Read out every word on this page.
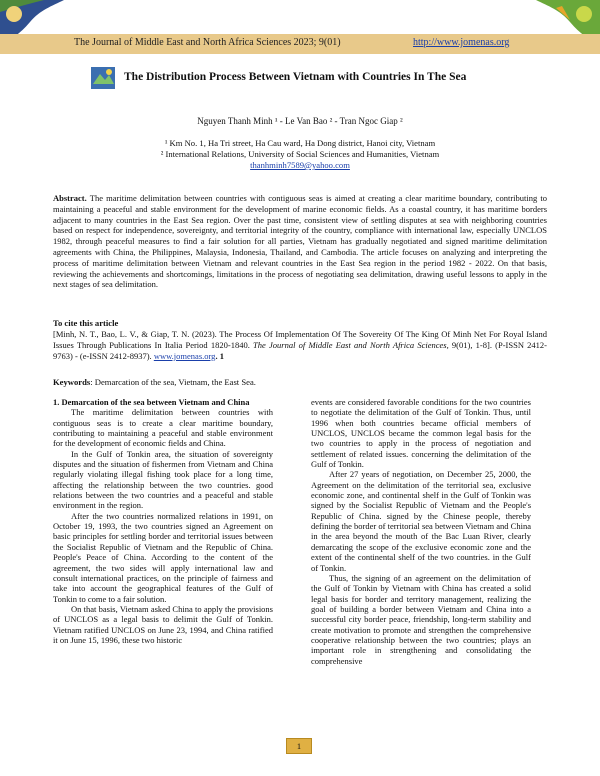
The Journal of Middle East and North Africa Sciences 2023; 9(01)	http://www.jomenas.org
The Distribution Process Between Vietnam with Countries In The Sea
Nguyen Thanh Minh ¹ - Le Van Bao ² - Tran Ngoc Giap ²
¹ Km No. 1, Ha Tri street, Ha Cau ward, Ha Dong district, Hanoi city, Vietnam
² International Relations, University of Social Sciences and Humanities, Vietnam
thanhminh7589@yahoo.com

Abstract. The maritime delimitation between countries with contiguous seas is aimed at creating a clear maritime boundary, contributing to maintaining a peaceful and stable environment for the development of marine economic fields. As a coastal country, it has maritime borders adjacent to many countries in the East Sea region. Over the past time, consistent view of settling disputes at sea with neighboring countries based on respect for independence, sovereignty, and territorial integrity of the country, compliance with international law, especially UNCLOS 1982, through peaceful measures to find a fair solution for all parties, Vietnam has gradually negotiated and signed maritime delimitation agreements with China, the Philippines, Malaysia, Indonesia, Thailand, and Cambodia. The article focuses on analyzing and interpreting the process of maritime delimitation between Vietnam and relevant countries in the East Sea region in the period 1982 - 2022. On that basis, reviewing the achievements and shortcomings, limitations in the process of negotiating sea delimitation, drawing useful lessons to apply in the next stages of sea delimitation.

To cite this article

[Minh, N. T., Bao, L. V., & Giap, T. N. (2023). The Process Of Implementation Of The Sovereity Of The King Of Minh Net For Royal Island Issues Through Publications In Italia Period 1820-1840. The Journal of Middle East and North Africa Sciences, 9(01), 1-8]. (P-ISSN 2412- 9763) - (e-ISSN 2412-8937). www.jomenas.org. 1

Keywords: Demarcation of the sea, Vietnam, the East Sea.

1. Demarcation of the sea between Vietnam and China

The maritime delimitation between countries with contiguous seas is to create a clear maritime boundary, contributing to maintaining a peaceful and stable environment for the development of economic fields and China.

In the Gulf of Tonkin area, the situation of sovereignty disputes and the situation of fishermen from Vietnam and China regularly violating illegal fishing took place for a long time, affecting the relationship between the two countries. good relations between the two countries and a peaceful and stable environment in the region.

After the two countries normalized relations in 1991, on October 19, 1993, the two countries signed an Agreement on basic principles for settling border and territorial issues between the Socialist Republic of Vietnam and the Republic of China. People's Peace of China. According to the content of the agreement, the two sides will apply international law and consult international practices, on the principle of fairness and take into account the geographical features of the Gulf of Tonkin to come to a fair solution.

On that basis, Vietnam asked China to apply the provisions of UNCLOS as a legal basis to delimit the Gulf of Tonkin. Vietnam ratified UNCLOS on June 23, 1994, and China ratified it on June 15, 1996, these two historic

events are considered favorable conditions for the two countries to negotiate the delimitation of the Gulf of Tonkin. Thus, until 1996 when both countries became official members of UNCLOS, UNCLOS became the common legal basis for the two countries to apply in the process of negotiation and settlement of related issues. concerning the delimitation of the Gulf of Tonkin.

After 27 years of negotiation, on December 25, 2000, the Agreement on the delimitation of the territorial sea, exclusive economic zone, and continental shelf in the Gulf of Tonkin was signed by the Socialist Republic of Vietnam and the People's Republic of China. signed by the Chinese people, thereby defining the border of territorial sea between Vietnam and China in the area beyond the mouth of the Bac Luan River, clearly demarcating the scope of the exclusive economic zone and the extent of the continental shelf of the two countries. in the Gulf of Tonkin.

Thus, the signing of an agreement on the delimitation of the Gulf of Tonkin by Vietnam with China has created a solid legal basis for border and territory management, realizing the goal of building a border between Vietnam and China into a successful city border peace, friendship, long-term stability and create motivation to promote and strengthen the comprehensive cooperative relationship between the two countries; plays an important role in strengthening and consolidating the comprehensive

1
